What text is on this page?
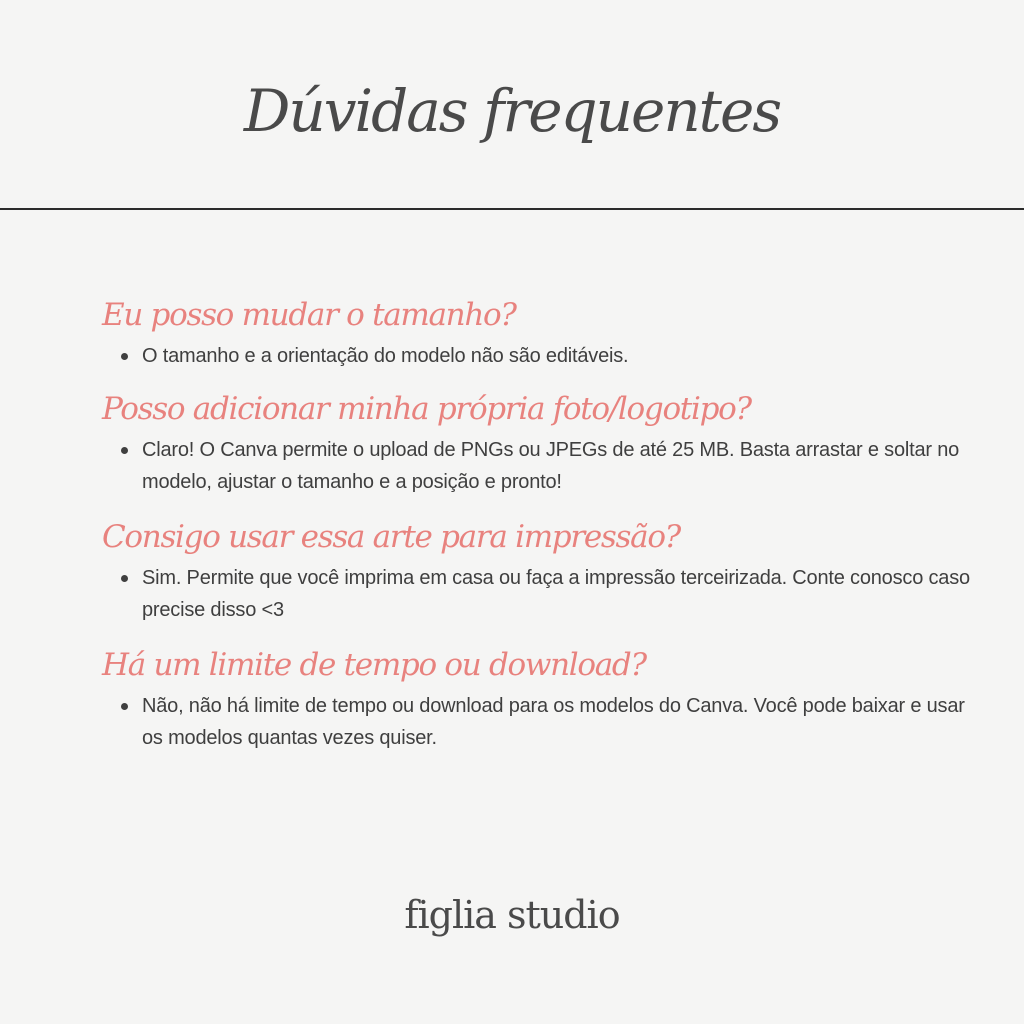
Dúvidas frequentes
Eu posso mudar o tamanho?
O tamanho e a orientação do modelo não são editáveis.
Posso adicionar minha própria foto/logotipo?
Claro! O Canva permite o upload de PNGs ou JPEGs de até 25 MB. Basta arrastar e soltar no modelo, ajustar o tamanho e a posição e pronto!
Consigo usar essa arte para impressão?
Sim. Permite que você imprima em casa ou faça a impressão terceirizada. Conte conosco caso precise disso <3
Há um limite de tempo ou download?
Não, não há limite de tempo ou download para os modelos do Canva. Você pode baixar e usar os modelos quantas vezes quiser.
figlia studio
